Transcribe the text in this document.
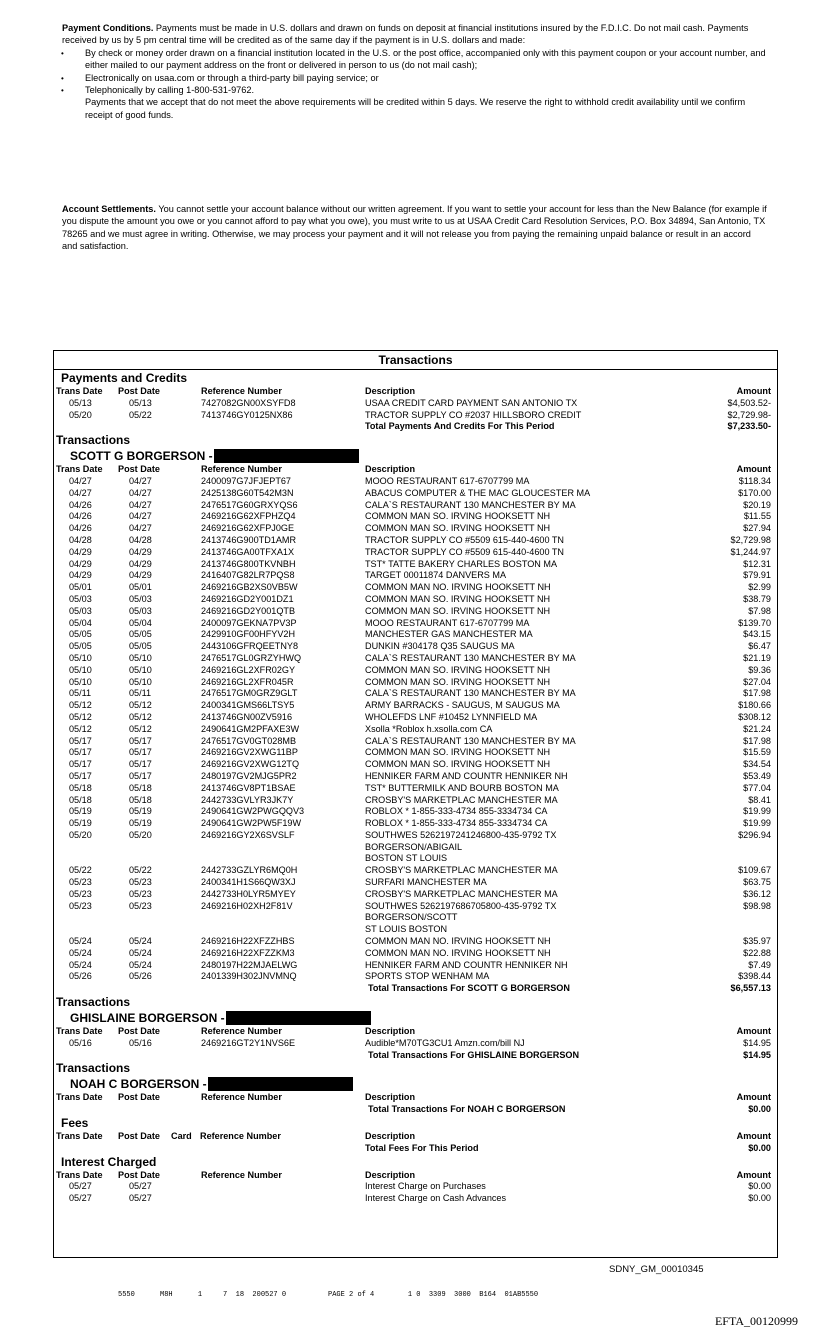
Payment Conditions. Payments must be made in U.S. dollars and drawn on funds on deposit at financial institutions insured by the F.D.I.C. Do not mail cash. Payments received by us by 5 pm central time will be credited as of the same day if the payment is in U.S. dollars and made:
• By check or money order drawn on a financial institution located in the U.S. or the post office, accompanied only with this payment coupon or your account number, and either mailed to our payment address on the front or delivered in person to us (do not mail cash);
• Electronically on usaa.com or through a third-party bill paying service; or
• Telephonically by calling 1-800-531-9762.
Payments that we accept that do not meet the above requirements will be credited within 5 days. We reserve the right to withhold credit availability until we confirm receipt of good funds.
Account Settlements. You cannot settle your account balance without our written agreement. If you want to settle your account for less than the New Balance (for example if you dispute the amount you owe or you cannot afford to pay what you owe), you must write to us at USAA Credit Card Resolution Services, P.O. Box 34894, San Antonio, TX 78265 and we must agree in writing. Otherwise, we may process your payment and it will not release you from paying the remaining unpaid balance or result in an accord and satisfaction.
Transactions
Payments and Credits
Trans Date Post Date	Reference Number	Description	Amount
05/13	05/13	7427082GN00XSYFD8	USAA CREDIT CARD PAYMENT SAN ANTONIO TX	$4,503.52-
05/20	05/22	7413746GY0125NX86	TRACTOR SUPPLY CO #2037 HILLSBORO CREDIT	$2,729.98-
Total Payments And Credits For This Period	$7,233.50-
Transactions
SCOTT G BORGERSON -
Trans Date Post Date	Reference Number	Description	Amount
04/27	04/27	2400097G7JFJEPT67	MOOO RESTAURANT 617-6707799 MA	$118.34
04/27	04/27	2425138G60T542M3N	ABACUS COMPUTER & THE MAC GLOUCESTER MA	$170.00
04/26	04/27	2476517G60GRXYQS6	CALA`S RESTAURANT 130 MANCHESTER BY MA	$20.19
04/26	04/27	2469216G62XFPHZQ4	COMMON MAN SO. IRVING HOOKSETT NH	$11.55
04/26	04/27	2469216G62XFPJ0GE	COMMON MAN SO. IRVING HOOKSETT NH	$27.94
04/28	04/28	2413746G900TD1AMR	TRACTOR SUPPLY CO #5509 615-440-4600 TN	$2,729.98
04/29	04/29	2413746GA00TFXA1X	TRACTOR SUPPLY CO #5509 615-440-4600 TN	$1,244.97
04/29	04/29	2413746G800TKVNBH	TST* TATTE BAKERY CHARLES BOSTON MA	$12.31
04/29	04/29	2416407G82LR7PQS8	TARGET 00011874 DANVERS MA	$79.91
05/01	05/01	2469216GB2XS0VB5W	COMMON MAN NO. IRVING HOOKSETT NH	$2.99
05/03	05/03	2469216GD2Y001DZ1	COMMON MAN SO. IRVING HOOKSETT NH	$38.79
05/03	05/03	2469216GD2Y001QTB	COMMON MAN SO. IRVING HOOKSETT NH	$7.98
05/04	05/04	2400097GEKNA7PV3P	MOOO RESTAURANT 617-6707799 MA	$139.70
05/05	05/05	2429910GF00HFYV2H	MANCHESTER GAS MANCHESTER MA	$43.15
05/05	05/05	2443106GFRQEETNY8	DUNKIN #304178 Q35 SAUGUS MA	$6.47
05/10	05/10	2476517GL0GRZYHWQ	CALA`S RESTAURANT 130 MANCHESTER BY MA	$21.19
05/10	05/10	2469216GL2XFR02GY	COMMON MAN SO. IRVING HOOKSETT NH	$9.36
05/10	05/10	2469216GL2XFR045R	COMMON MAN SO. IRVING HOOKSETT NH	$27.04
05/11	05/11	2476517GM0GRZ9GLT	CALA`S RESTAURANT 130 MANCHESTER BY MA	$17.98
05/12	05/12	2400341GMS66LTSY5	ARMY BARRACKS - SAUGUS, M SAUGUS MA	$180.66
05/12	05/12	2413746GN00ZV5916	WHOLEFDS LNF #10452 LYNNFIELD MA	$308.12
05/12	05/12	2490641GM2PFAXE3W	Xsolla *Roblox h.xsolla.com CA	$21.24
05/17	05/17	2476517GV0GT028MB	CALA`S RESTAURANT 130 MANCHESTER BY MA	$17.98
05/17	05/17	2469216GV2XWG11BP	COMMON MAN SO. IRVING HOOKSETT NH	$15.59
05/17	05/17	2469216GV2XWG12TQ	COMMON MAN SO. IRVING HOOKSETT NH	$34.54
05/17	05/17	2480197GV2MJG5PR2	HENNIKER FARM AND COUNTR HENNIKER NH	$53.49
05/18	05/18	2413746GV8PT1BSAE	TST* BUTTERMILK AND BOURB BOSTON MA	$77.04
05/18	05/18	2442733GVLYR3JK7Y	CROSBY'S MARKETPLAC MANCHESTER MA	$8.41
05/19	05/19	2490641GW2PWGQQV3	ROBLOX * 1-855-333-4734 855-3334734 CA	$19.99
05/19	05/19	2490641GW2PW5F19W	ROBLOX * 1-855-333-4734 855-3334734 CA	$19.99
05/20	05/20	2469216GY2X6SVSLF	SOUTHWES 5262197241246800-435-9792 TX	$296.94
BORGERSON/ABIGAIL
BOSTON ST LOUIS
05/22	05/22	2442733GZLYR6MQ0H	CROSBY'S MARKETPLAC MANCHESTER MA	$109.67
05/23	05/23	2400341H1S66QW3XJ	SURFARI MANCHESTER MA	$63.75
05/23	05/23	2442733H0LYR5MYEY	CROSBY'S MARKETPLAC MANCHESTER MA	$36.12
05/23	05/23	2469216H02XH2F81V	SOUTHWES 5262197686705800-435-9792 TX	$98.98
BORGERSON/SCOTT
ST LOUIS BOSTON
05/24	05/24	2469216H22XFZZHBS	COMMON MAN NO. IRVING HOOKSETT NH	$35.97
05/24	05/24	2469216H22XFZZKM3	COMMON MAN NO. IRVING HOOKSETT NH	$22.88
05/24	05/24	2480197H22MJAELWG	HENNIKER FARM AND COUNTR HENNIKER NH	$7.49
05/26	05/26	2401339H302JNVMNQ	SPORTS STOP WENHAM MA	$398.44
Total Transactions For SCOTT G BORGERSON	$6,557.13
Transactions
GHISLAINE BORGERSON -
Trans Date Post Date	Reference Number	Description	Amount
05/16	05/16	2469216GT2Y1NVS6E	Audible*M70TG3CU1 Amzn.com/bill NJ	$14.95
Total Transactions For GHISLAINE BORGERSON	$14.95
Transactions
NOAH C BORGERSON -
Trans Date Post Date	Reference Number	Description	Amount
Total Transactions For NOAH C BORGERSON	$0.00
Fees
Trans Date Post Date Card Reference Number	Description	Amount
Total Fees For This Period	$0.00
Interest Charged
Trans Date Post Date	Reference Number	Description	Amount
05/27	05/27	Interest Charge on Purchases	$0.00
05/27	05/27	Interest Charge on Cash Advances	$0.00
SDNY_GM_00010345
5550      M8H      1     7  18  200527 0          PAGE 2 of 4        1 0  3309  3000  B164  01AB5550
EFTA_00120999
